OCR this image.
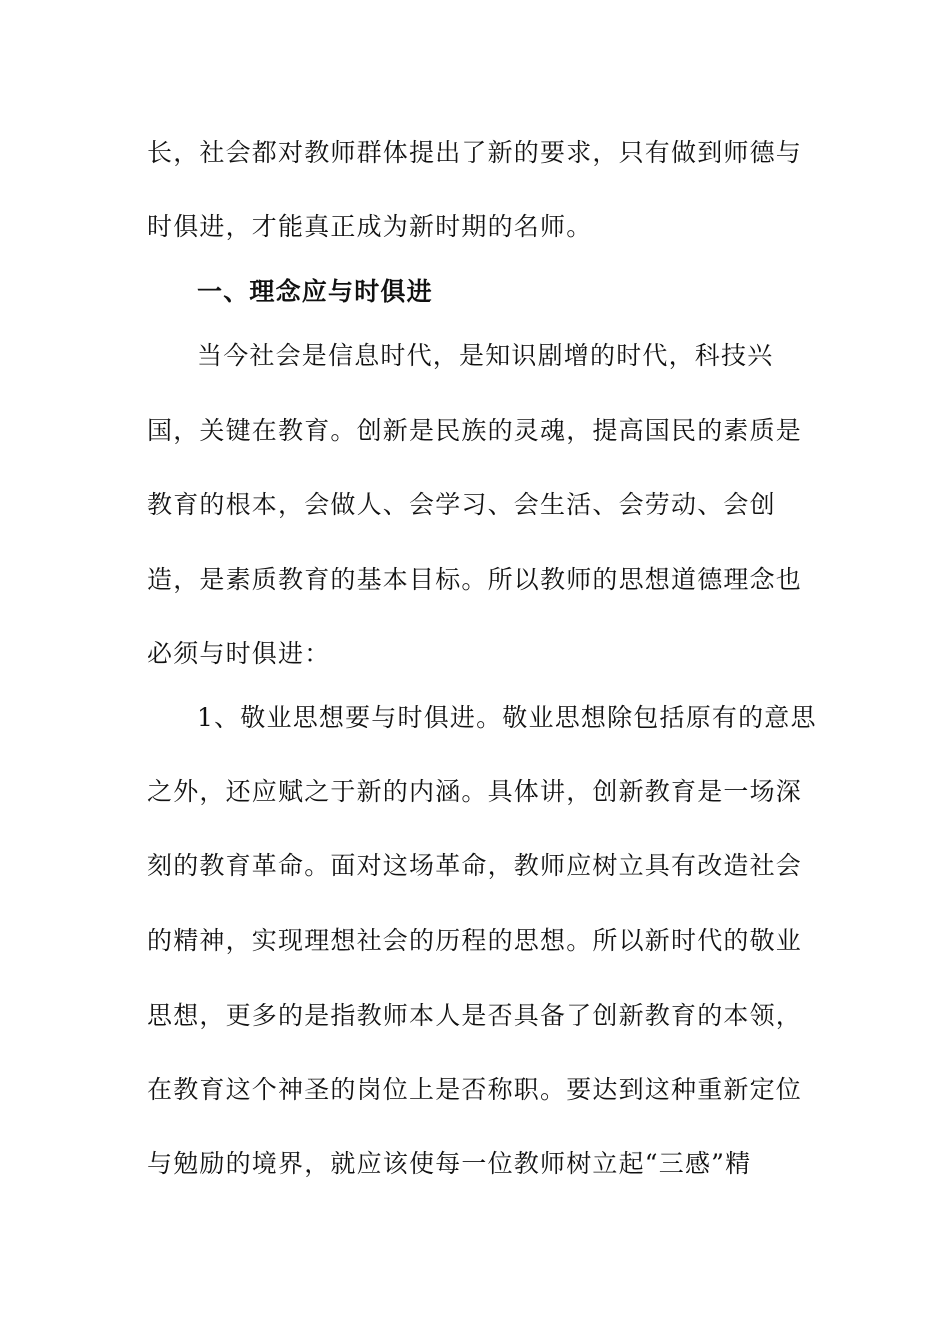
长，社会都对教师群体提出了新的要求，只有做到师德与
时俱进，才能真正成为新时期的名师。
一、理念应与时俱进
当今社会是信息时代，是知识剧增的时代，科技兴
国，关键在教育。创新是民族的灵魂，提高国民的素质是
教育的根本，会做人、会学习、会生活、会劳动、会创
造，是素质教育的基本目标。所以教师的思想道德理念也
必须与时俱进：
1、敬业思想要与时俱进。敬业思想除包括原有的意思
之外，还应赋之于新的内涵。具体讲，创新教育是一场深
刻的教育革命。面对这场革命，教师应树立具有改造社会
的精神，实现理想社会的历程的思想。所以新时代的敬业
思想，更多的是指教师本人是否具备了创新教育的本领，
在教育这个神圣的岗位上是否称职。要达到这种重新定位
与勉励的境界，就应该使每一位教师树立起“三感”精
